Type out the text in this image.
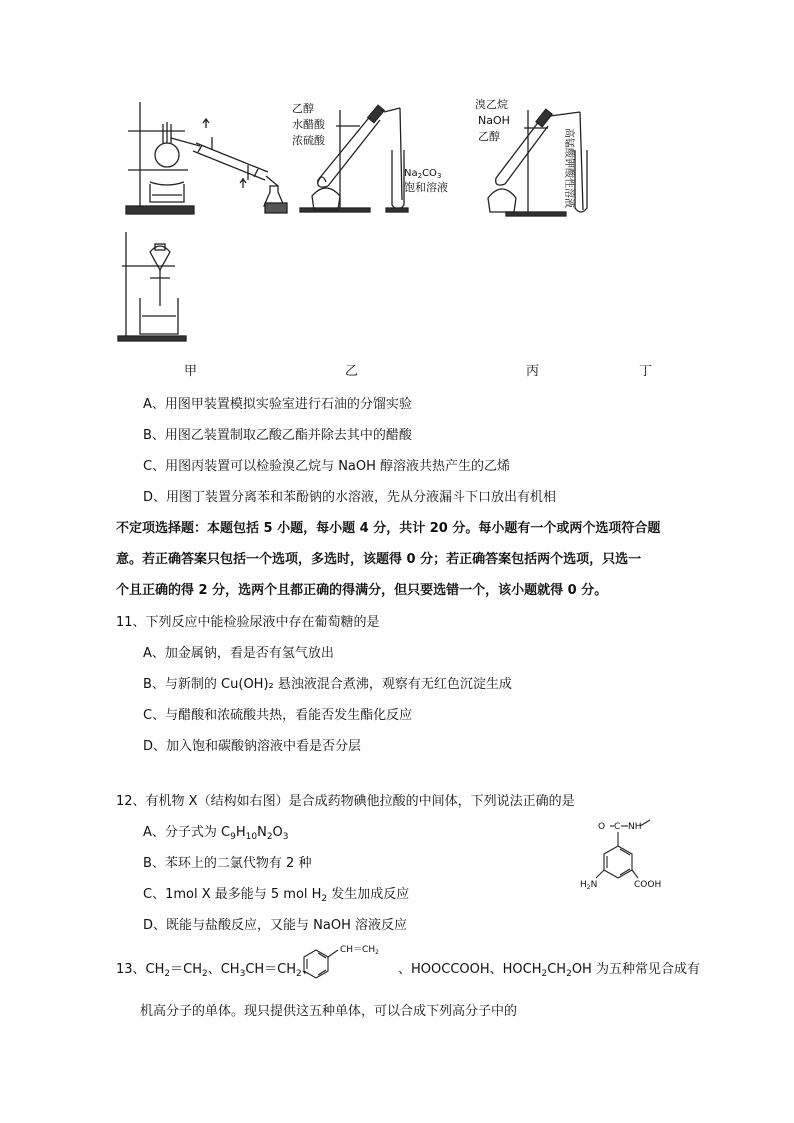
乙醇
水醋酸
浓硫酸
$Na_2CO_3$
饱和溶液
溴乙烷
NaOH
乙醇	高锰酸钾酸性溶液
甲	乙	丙	丁
A、用图甲装置模拟实验室进行石油的分馏实验
B、用图乙装置制取乙酸乙酯并除去其中的醋酸
C、用图丙装置可以检验溴乙烷与 NaOH 醇溶液共热产生的乙烯
D、用图丁装置分离苯和苯酚钠的水溶液，先从分液漏斗下口放出有机相
不定项选择题：本题包括 5 小题，每小题 4 分，共计 20 分。每小题有一个或两个选项符合题
意。若正确答案只包括一个选项，多选时，该题得 0 分；若正确答案包括两个选项，只选一
个且正确的得 2 分，选两个且都正确的得满分，但只要选错一个，该小题就得 0 分。
11、下列反应中能检验尿液中存在葡萄糖的是
A、加金属钠，看是否有氢气放出
B、与新制的 Cu(OH)₂ 悬浊液混合煮沸，观察有无红色沉淀生成
C、与醋酸和浓硫酸共热，看能否发生酯化反应
D、加入饱和碳酸钠溶液中看是否分层
12、有机物 X（结构如右图）是合成药物碘他拉酸的中间体，下列说法正确的是
A、分子式为 $C_9H_{10}N_2O_3$
B、苯环上的二氯代物有 2 种
C、1mol X 最多能与 5 mol $H_2$ 发生加成反应
D、既能与盐酸反应，又能与 NaOH 溶液反应
O C NH
$H_2N$	COOH
13、$CH_2=CH_2$、$CH_3CH=CH_2$、
$CH=CH_2$
、HOOCCOOH、$HOCH_2CH_2OH$ 为五种常见合成有
机高分子的单体。现只提供这五种单体，可以合成下列高分子中的
